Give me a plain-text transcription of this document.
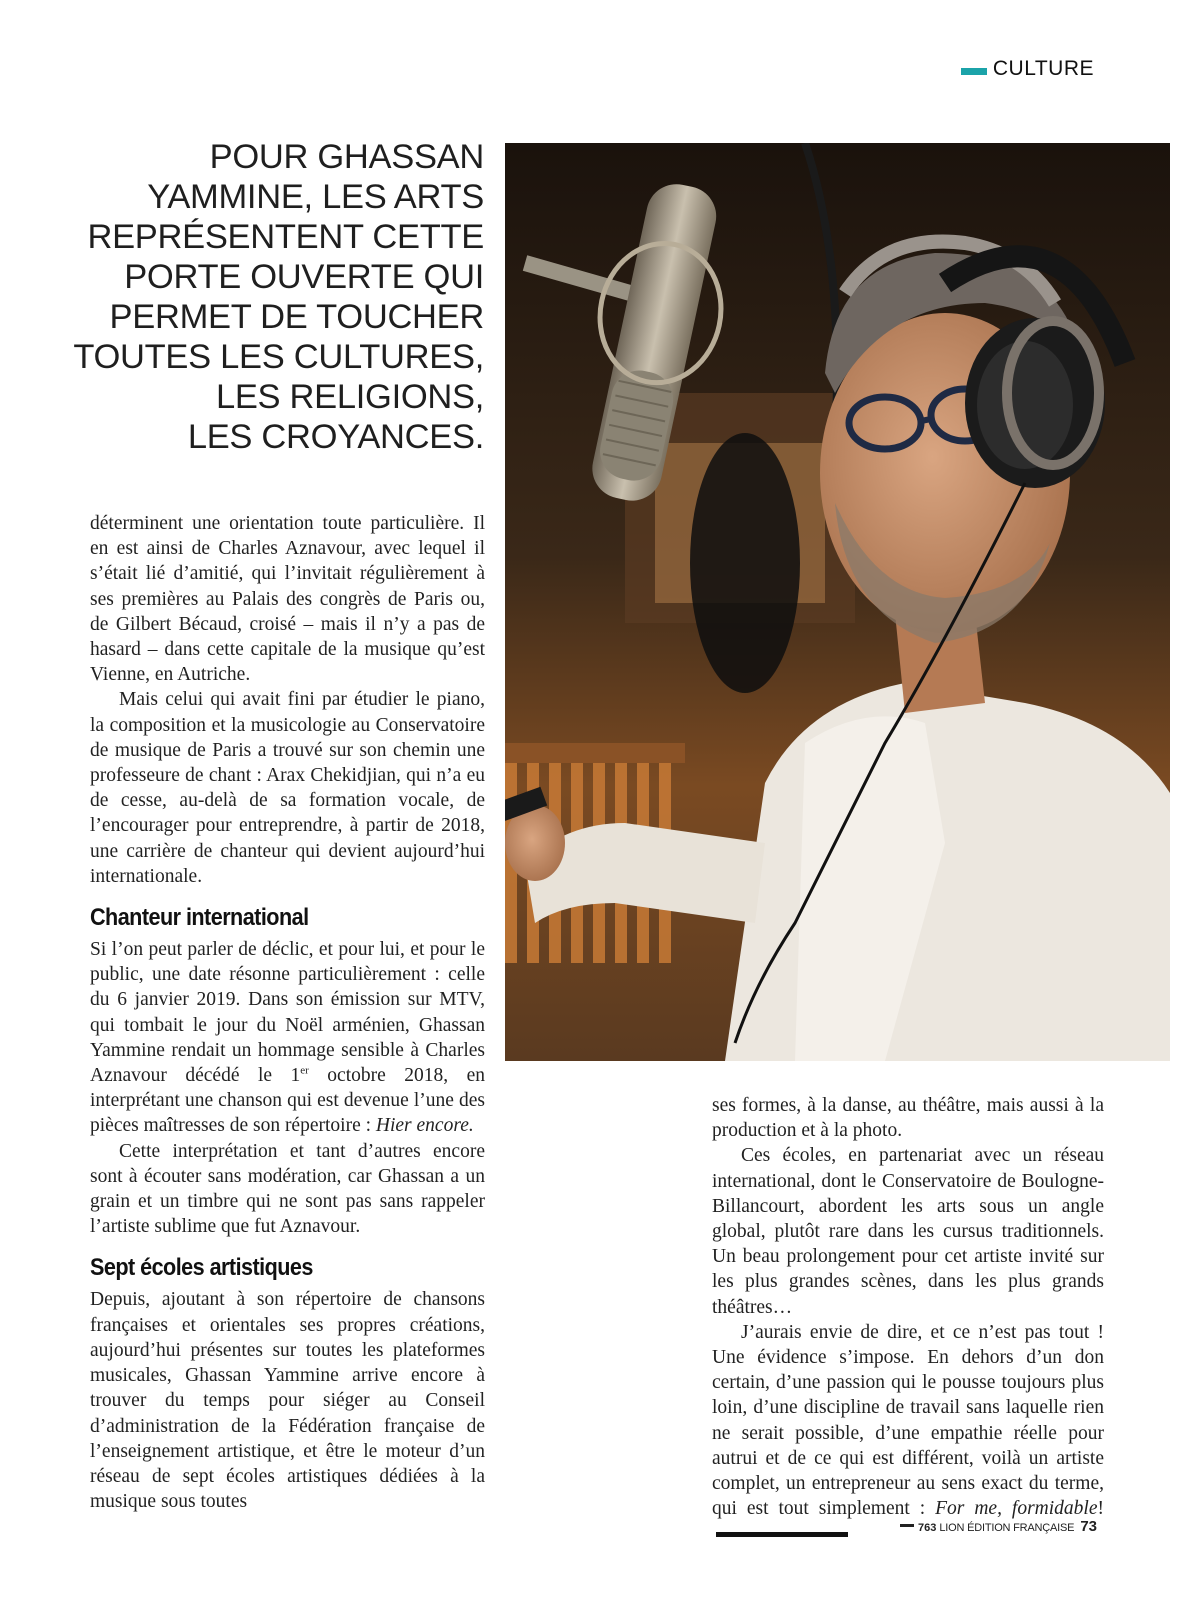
CULTURE
POUR GHASSAN
YAMMINE, LES ARTS
REPRÉSENTENT CETTE
PORTE OUVERTE QUI
PERMET DE TOUCHER
TOUTES LES CULTURES,
LES RELIGIONS,
LES CROYANCES.

déterminent une orientation toute particulière. Il en est ainsi de Charles Aznavour, avec lequel il s’était lié d’amitié, qui l’invitait régulièrement à ses premières au Palais des congrès de Paris ou, de Gilbert Bécaud, croisé – mais il n’y a pas de hasard – dans cette capitale de la musique qu’est Vienne, en Autriche.

Mais celui qui avait fini par étudier le piano, la composition et la musicologie au Conservatoire de musique de Paris a trouvé sur son chemin une professeure de chant : Arax Chekidjian, qui n’a eu de cesse, au-delà de sa formation vocale, de l’encourager pour entreprendre, à partir de 2018, une carrière de chanteur qui devient aujourd’hui internationale.

Chanteur international

Si l’on peut parler de déclic, et pour lui, et pour le public, une date résonne particulièrement : celle du 6 janvier 2019. Dans son émission sur MTV, qui tombait le jour du Noël arménien, Ghassan Yammine rendait un hommage sensible à Charles Aznavour décédé le 1er octobre 2018, en interprétant une chanson qui est devenue l’une des pièces maîtresses de son répertoire : Hier encore.

Cette interprétation et tant d’autres encore sont à écouter sans modération, car Ghassan a un grain et un timbre qui ne sont pas sans rappeler l’artiste sublime que fut Aznavour.

Sept écoles artistiques

Depuis, ajoutant à son répertoire de chansons françaises et orientales ses propres créations, aujourd’hui présentes sur toutes les plateformes musicales, Ghassan Yammine arrive encore à trouver du temps pour siéger au Conseil d’administration de la Fédération française de l’enseignement artistique, et être le moteur d’un réseau de sept écoles artistiques dédiées à la musique sous toutes

ses formes, à la danse, au théâtre, mais aussi à la production et à la photo.

Ces écoles, en partenariat avec un réseau international, dont le Conservatoire de Boulogne-Billancourt, abordent les arts sous un angle global, plutôt rare dans les cursus traditionnels. Un beau prolongement pour cet artiste invité sur les plus grandes scènes, dans les plus grands théâtres…

J’aurais envie de dire, et ce n’est pas tout ! Une évidence s’impose. En dehors d’un don certain, d’une passion qui le pousse toujours plus loin, d’une discipline de travail sans laquelle rien ne serait possible, d’une empathie réelle pour autrui et de ce qui est différent, voilà un artiste complet, un entrepreneur au sens exact du terme, qui est tout simplement : For me, formidable!

763 LION ÉDITION FRANÇAISE 73
